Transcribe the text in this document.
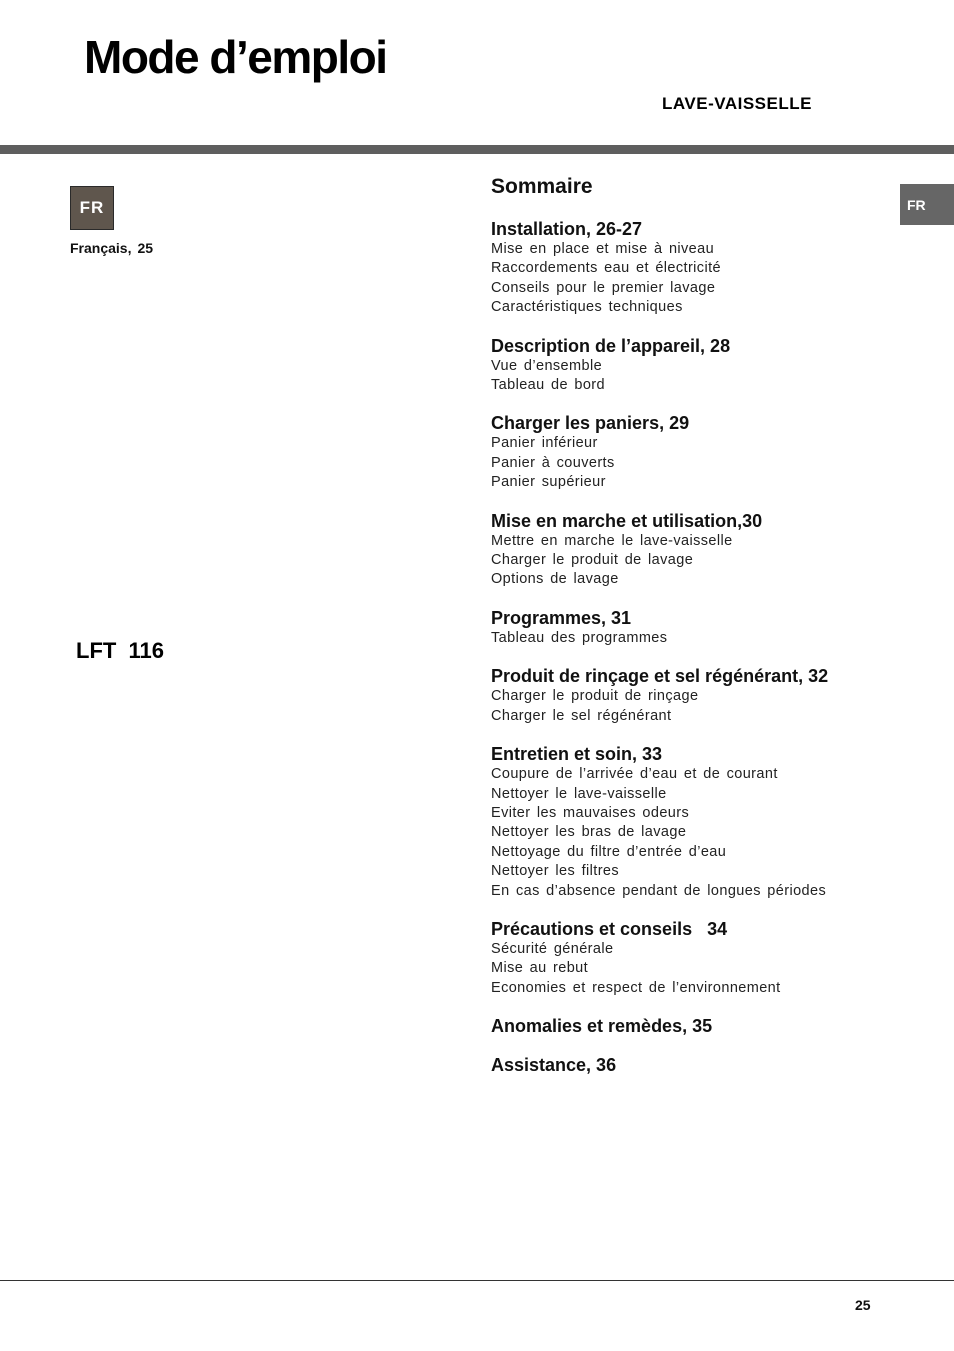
Mode d’emploi
LAVE-VAISSELLE
FR
Français, 25
LFT  116
FR
Sommaire
Installation, 26-27
Mise en place et mise à niveau
Raccordements eau et électricité
Conseils pour le premier lavage
Caractéristiques techniques
Description de l’appareil, 28
Vue d’ensemble
Tableau de bord
Charger les paniers, 29
Panier inférieur
Panier à couverts
Panier supérieur
Mise en marche et utilisation,30
Mettre en marche le lave-vaisselle
Charger le produit de lavage
Options de lavage
Programmes, 31
Tableau des programmes
Produit de rinçage et sel régénérant, 32
Charger le produit de rinçage
Charger le sel régénérant
Entretien et soin, 33
Coupure de l’arrivée d’eau et de courant
Nettoyer le lave-vaisselle
Eviter les mauvaises odeurs
Nettoyer les bras de lavage
Nettoyage du filtre d’entrée d’eau
Nettoyer les filtres
En cas d’absence pendant de longues périodes
Précautions et conseils   34
Sécurité générale
Mise au rebut
Economies et respect de l’environnement
Anomalies et remèdes, 35
Assistance, 36
25
